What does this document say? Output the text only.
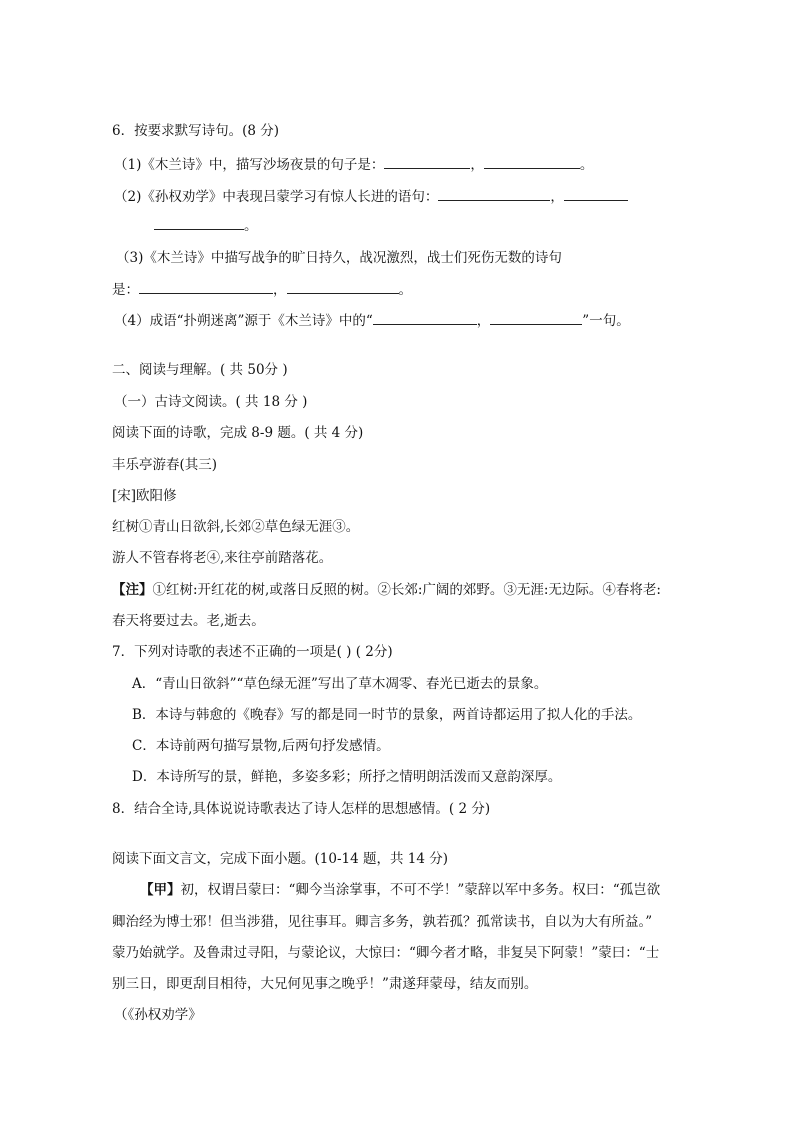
6．按要求默写诗句。(8 分)
（1)《木兰诗》中，描写沙场夜景的句子是：	，	。
（2)《孙权劝学》中表现吕蒙学习有惊人长进的语句：	，
。
（3)《木兰诗》中描写战争的旷日持久，战况激烈，战士们死伤无数的诗句
是：	，	。
（4）成语“扑朔迷离”源于《木兰诗》中的“	，	”一句。
二、阅读与理解。( 共 50分 )
（一）古诗文阅读。( 共 18 分 )
阅读下面的诗歌，完成 8-9 题。( 共 4 分)
丰乐亭游春(其三)
[宋]欧阳修
红树①青山日欲斜,长郊②草色绿无涯③。
游人不管春将老④,来往亭前踏落花。
【注】①红树:开红花的树,或落日反照的树。②长郊:广阔的郊野。③无涯:无边际。④春将老:
春天将要过去。老,逝去。
7．下列对诗歌的表述不正确的一项是( ) ( 2分)
A．“青山日欲斜”“草色绿无涯”写出了草木凋零、春光已逝去的景象。
B．本诗与韩愈的《晚春》写的都是同一时节的景象，两首诗都运用了拟人化的手法。
C．本诗前两句描写景物,后两句抒发感情。
D．本诗所写的景，鲜艳，多姿多彩；所抒之情明朗活泼而又意韵深厚。
8．结合全诗,具体说说诗歌表达了诗人怎样的思想感情。( 2 分)
阅读下面文言文，完成下面小题。(10-14 题，共 14 分)
【甲】初，权谓吕蒙曰：“卿今当涂掌事，不可不学！”蒙辞以军中多务。权曰：“孤岂欲
卿治经为博士邪！但当涉猎，见往事耳。卿言多务，孰若孤？孤常读书，自以为大有所益。”
蒙乃始就学。及鲁肃过寻阳，与蒙论议，大惊曰：“卿今者才略，非复吴下阿蒙！”蒙曰：“士
别三日，即更刮目相待，大兄何见事之晚乎！”肃遂拜蒙母，结友而别。
（《孙权劝学》
